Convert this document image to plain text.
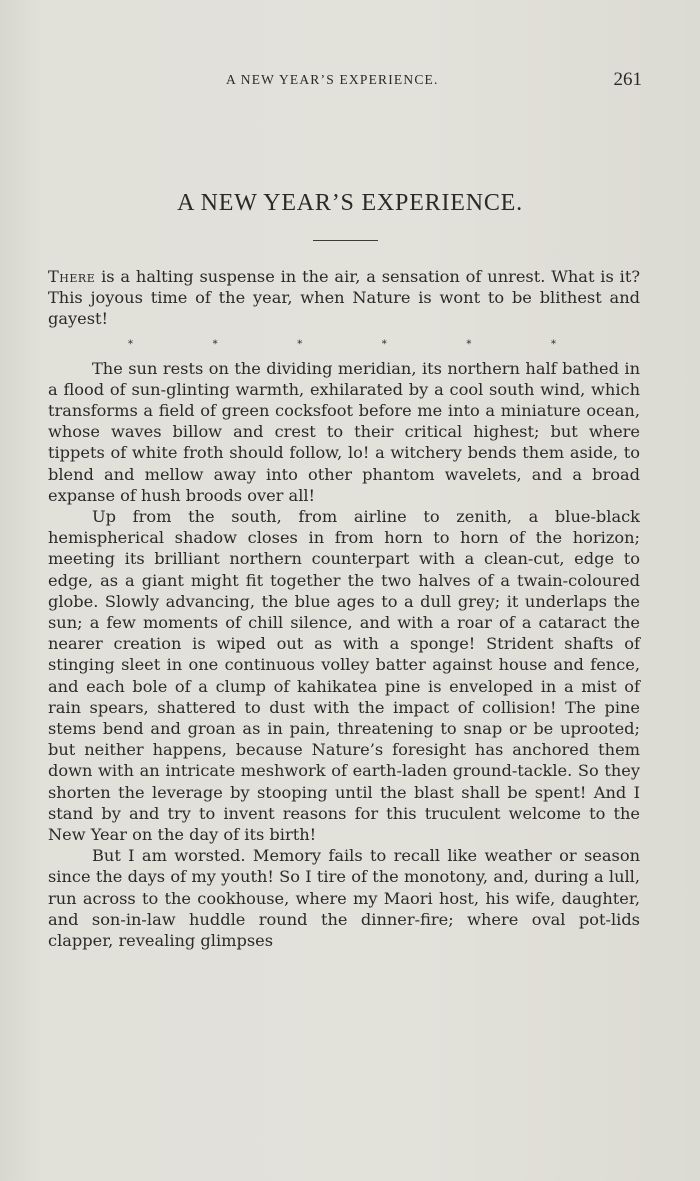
A NEW YEAR’S EXPERIENCE.	261
A NEW YEAR’S EXPERIENCE.

There is a halting suspense in the air, a sensation of unrest. What is it? This joyous time of the year, when Nature is wont to be blithest and gayest!

*	*	*	*	*	*

The sun rests on the dividing meridian, its northern half bathed in a flood of sun-glinting warmth, exhilarated by a cool south wind, which transforms a field of green cocksfoot before me into a miniature ocean, whose waves billow and crest to their critical highest; but where tippets of white froth should follow, lo! a witchery bends them aside, to blend and mellow away into other phantom wavelets, and a broad expanse of hush broods over all!

Up from the south, from airline to zenith, a blue-black hemispherical shadow closes in from horn to horn of the horizon; meeting its brilliant northern counterpart with a clean-cut, edge to edge, as a giant might fit together the two halves of a twain-coloured globe. Slowly advancing, the blue ages to a dull grey; it underlaps the sun; a few moments of chill silence, and with a roar of a cataract the nearer creation is wiped out as with a sponge! Strident shafts of stinging sleet in one continuous volley batter against house and fence, and each bole of a clump of kahikatea pine is enveloped in a mist of rain spears, shattered to dust with the impact of collision! The pine stems bend and groan as in pain, threatening to snap or be uprooted; but neither happens, because Nature’s foresight has anchored them down with an intricate meshwork of earth-laden ground-tackle. So they shorten the leverage by stooping until the blast shall be spent! And I stand by and try to invent reasons for this truculent welcome to the New Year on the day of its birth!

But I am worsted. Memory fails to recall like weather or season since the days of my youth! So I tire of the monotony, and, during a lull, run across to the cookhouse, where my Maori host, his wife, daughter, and son-in-law huddle round the dinner-fire; where oval pot-lids clapper, revealing glimpses
